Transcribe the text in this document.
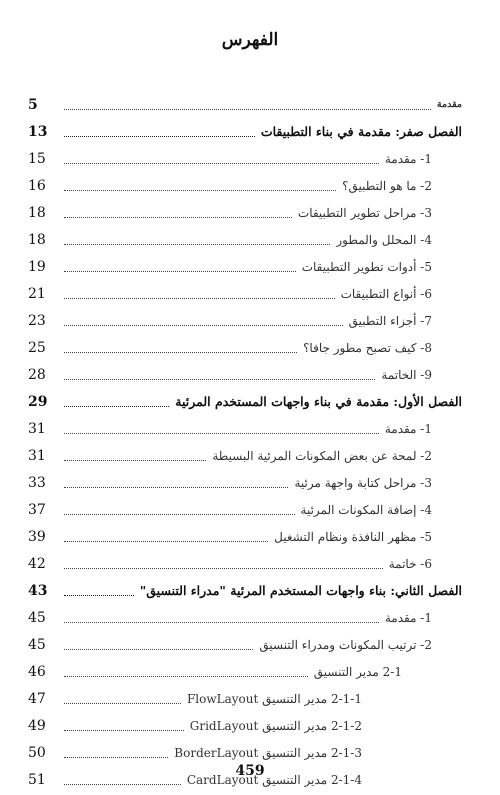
الفهرس
5	مقدمة
13	الفصل صفر: مقدمة في بناء التطبيقات
15	1- مقدمة
16	2- ما هو التطبيق؟
18	3- مراحل تطوير التطبيقات
18	4- المحلل والمطور
19	5- أدوات تطوير التطبيقات
21	6- أنواع التطبيقات
23	7- أجزاء التطبيق
25	8- كيف تصبح مطور جافا؟
28	9- الخاتمة
29	الفصل الأول: مقدمة في بناء واجهات المستخدم المرئية
31	1- مقدمة
31	2- لمحة عن بعض المكونات المرئية البسيطة
33	3- مراحل كتابة واجهة مرئية
37	4- إضافة المكونات المرئية
39	5- مظهر النافذة ونظام التشغيل
42	6- خاتمة
43	الفصل الثاني: بناء واجهات المستخدم المرئية "مدراء التنسيق"
45	1- مقدمة
45	2- ترتيب المكونات ومدراء التنسيق
46	2-1 مدير التنسيق
47	2-1-1 مدير التنسيق FlowLayout
49	2-1-2 مدير التنسيق GridLayout
50	2-1-3 مدير التنسيق BorderLayout
51	2-1-4 مدير التنسيق CardLayout
459
